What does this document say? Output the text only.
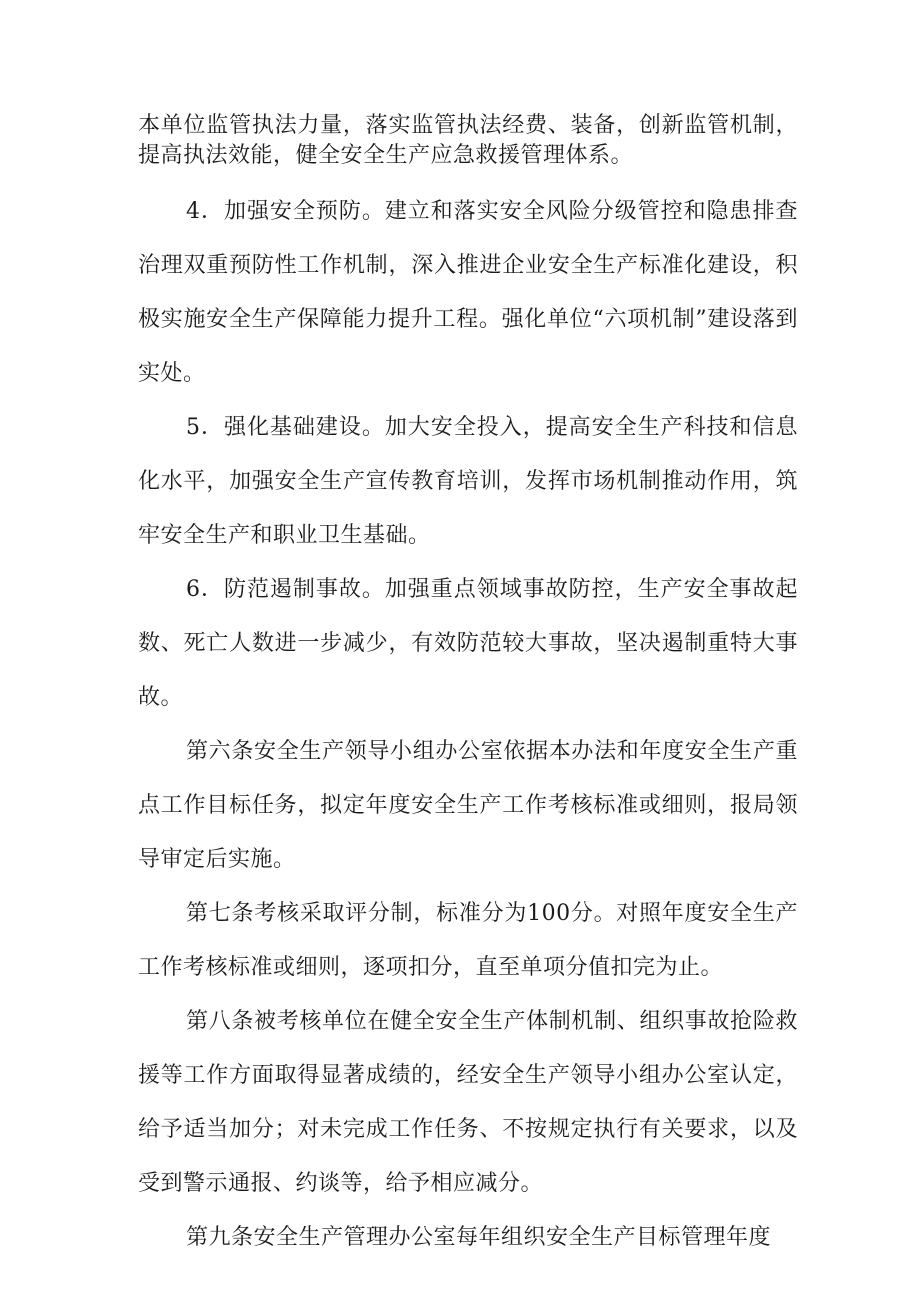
本单位监管执法力量，落实监管执法经费、装备，创新监管机制，提高执法效能，健全安全生产应急救援管理体系。

4．加强安全预防。建立和落实安全风险分级管控和隐患排查治理双重预防性工作机制，深入推进企业安全生产标准化建设，积极实施安全生产保障能力提升工程。强化单位“六项机制”建设落到实处。

5．强化基础建设。加大安全投入，提高安全生产科技和信息化水平，加强安全生产宣传教育培训，发挥市场机制推动作用，筑牢安全生产和职业卫生基础。

6．防范遏制事故。加强重点领域事故防控，生产安全事故起数、死亡人数进一步减少，有效防范较大事故，坚决遏制重特大事故。

第六条安全生产领导小组办公室依据本办法和年度安全生产重点工作目标任务，拟定年度安全生产工作考核标准或细则，报局领导审定后实施。

第七条考核采取评分制，标准分为100分。对照年度安全生产工作考核标准或细则，逐项扣分，直至单项分值扣完为止。

第八条被考核单位在健全安全生产体制机制、组织事故抢险救援等工作方面取得显著成绩的，经安全生产领导小组办公室认定，给予适当加分；对未完成工作任务、不按规定执行有关要求，以及受到警示通报、约谈等，给予相应减分。

第九条安全生产管理办公室每年组织安全生产目标管理年度
